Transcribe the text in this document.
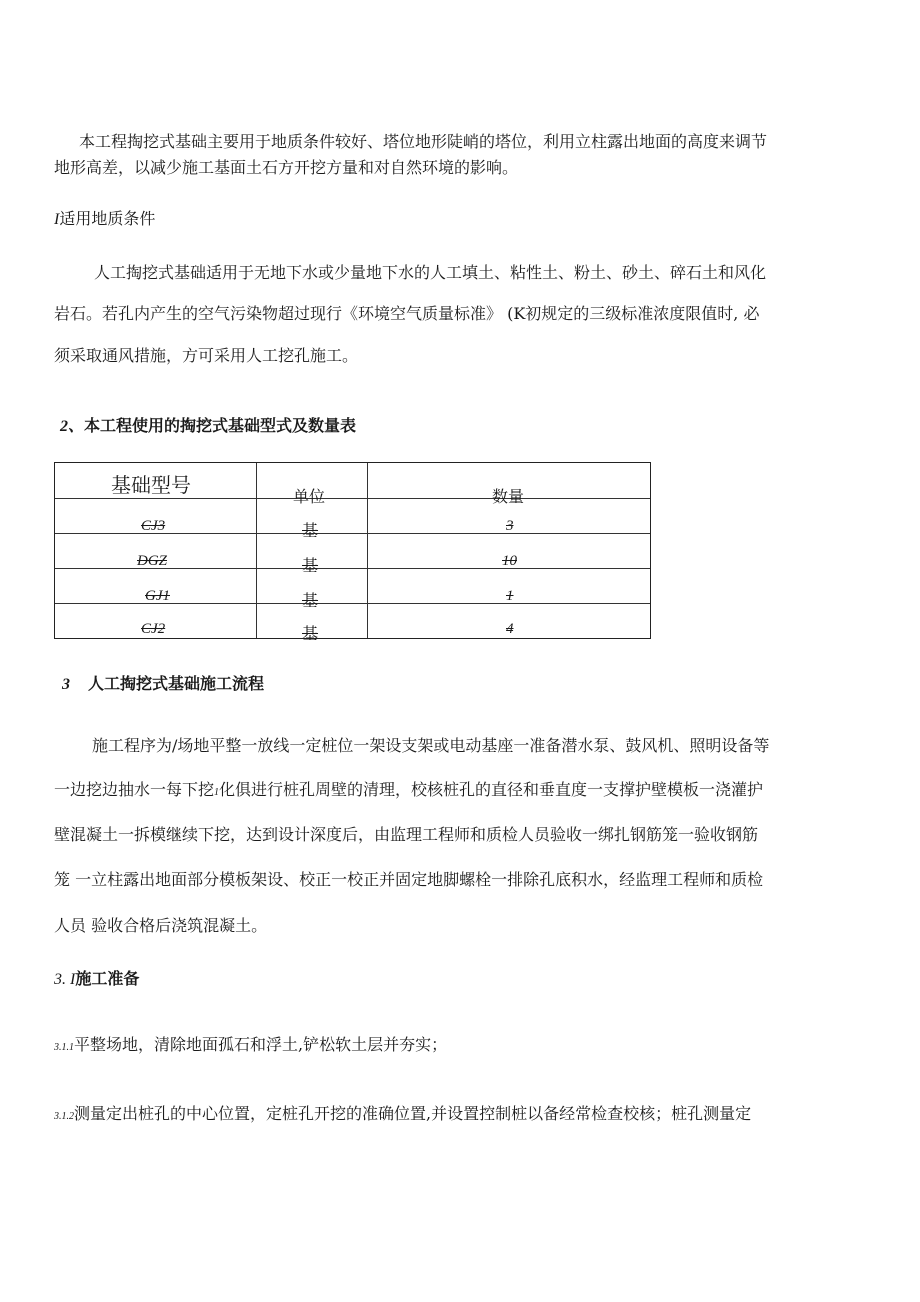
本工程掏挖式基础主要用于地质条件较好、塔位地形陡峭的塔位，利用立柱露出地面的高度来调节
地形高差，以减少施工基面土石方开挖方量和对自然环境的影响。
I适用地质条件
人工掏挖式基础适用于无地下水或少量地下水的人工填土、粘性土、粉土、砂土、碎石土和风化
岩石。若孔内产生的空气污染物超过现行《环境空气质量标准》 (K初规定的三级标准浓度限值时, 必
须采取通风措施，方可采用人工挖孔施工。
2、本工程使用的掏挖式基础型式及数量表
基础型号	单位	数量
CJ3	基	3
DGZ	基	10
GJ1	基	1
CJ2	基	4
3 人工掏挖式基础施工流程
施工程序为/场地平整一放线一定桩位一架设支架或电动基座一准备潜水泵、鼓风机、照明设备等
一边挖边抽水一每下挖1化俱进行桩孔周壁的清理，校核桩孔的直径和垂直度一支撑护壁模板一浇灌护
壁混凝土一拆模继续下挖，达到设计深度后，由监理工程师和质检人员验收一绑扎钢筋笼一验收钢筋
笼 一立柱露出地面部分模板架设、校正一校正并固定地脚螺栓一排除孔底积水，经监理工程师和质检
人员 验收合格后浇筑混凝土。
3. I施工准备
3.1.1平整场地，清除地面孤石和浮土,铲松软土层并夯实；
3.1.2测量定出桩孔的中心位置，定桩孔开挖的准确位置,并设置控制桩以备经常检查校核；桩孔测量定
